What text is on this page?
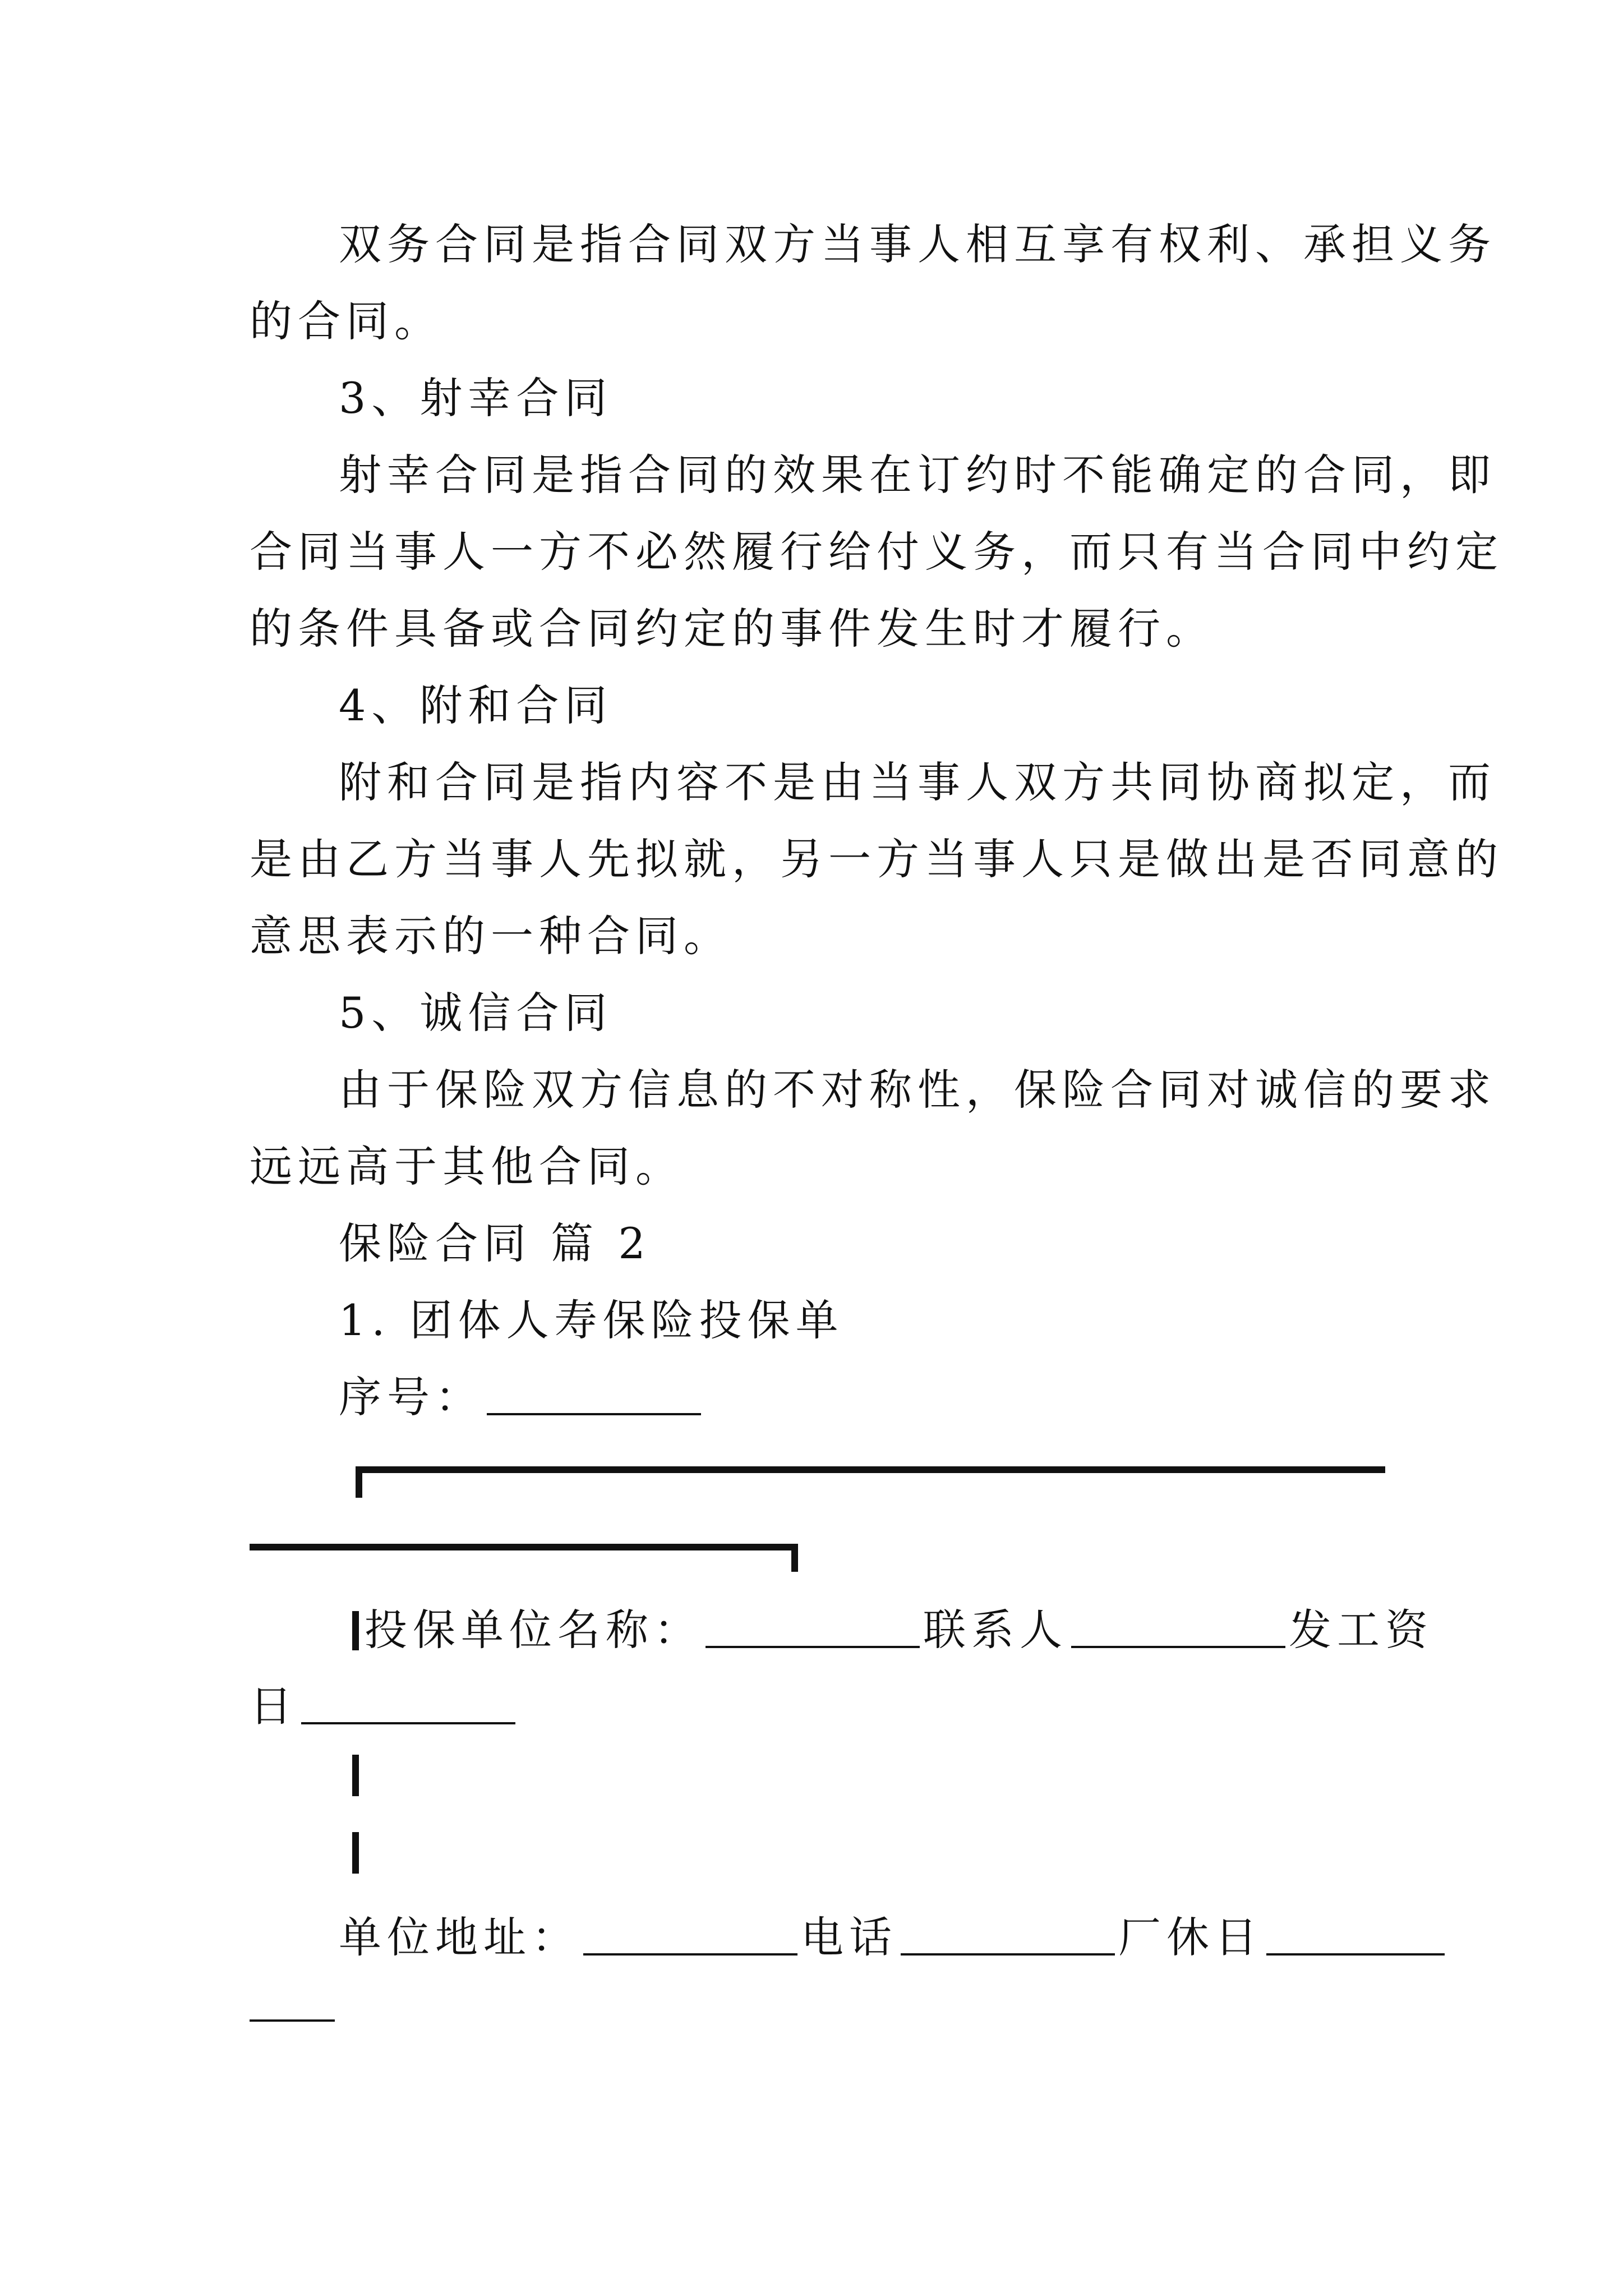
双务合同是指合同双方当事人相互享有权利、承担义务
的合同。
3、射幸合同
射幸合同是指合同的效果在订约时不能确定的合同，即
合同当事人一方不必然履行给付义务，而只有当合同中约定
的条件具备或合同约定的事件发生时才履行。
4、附和合同
附和合同是指内容不是由当事人双方共同协商拟定，而
是由乙方当事人先拟就，另一方当事人只是做出是否同意的
意思表示的一种合同。
5、诚信合同
由于保险双方信息的不对称性，保险合同对诚信的要求
远远高于其他合同。
保险合同 篇 2
1. 团体人寿保险投保单
序号：
投保单位名称：	联系人	发工资
日
单位地址：	电话	厂休日
